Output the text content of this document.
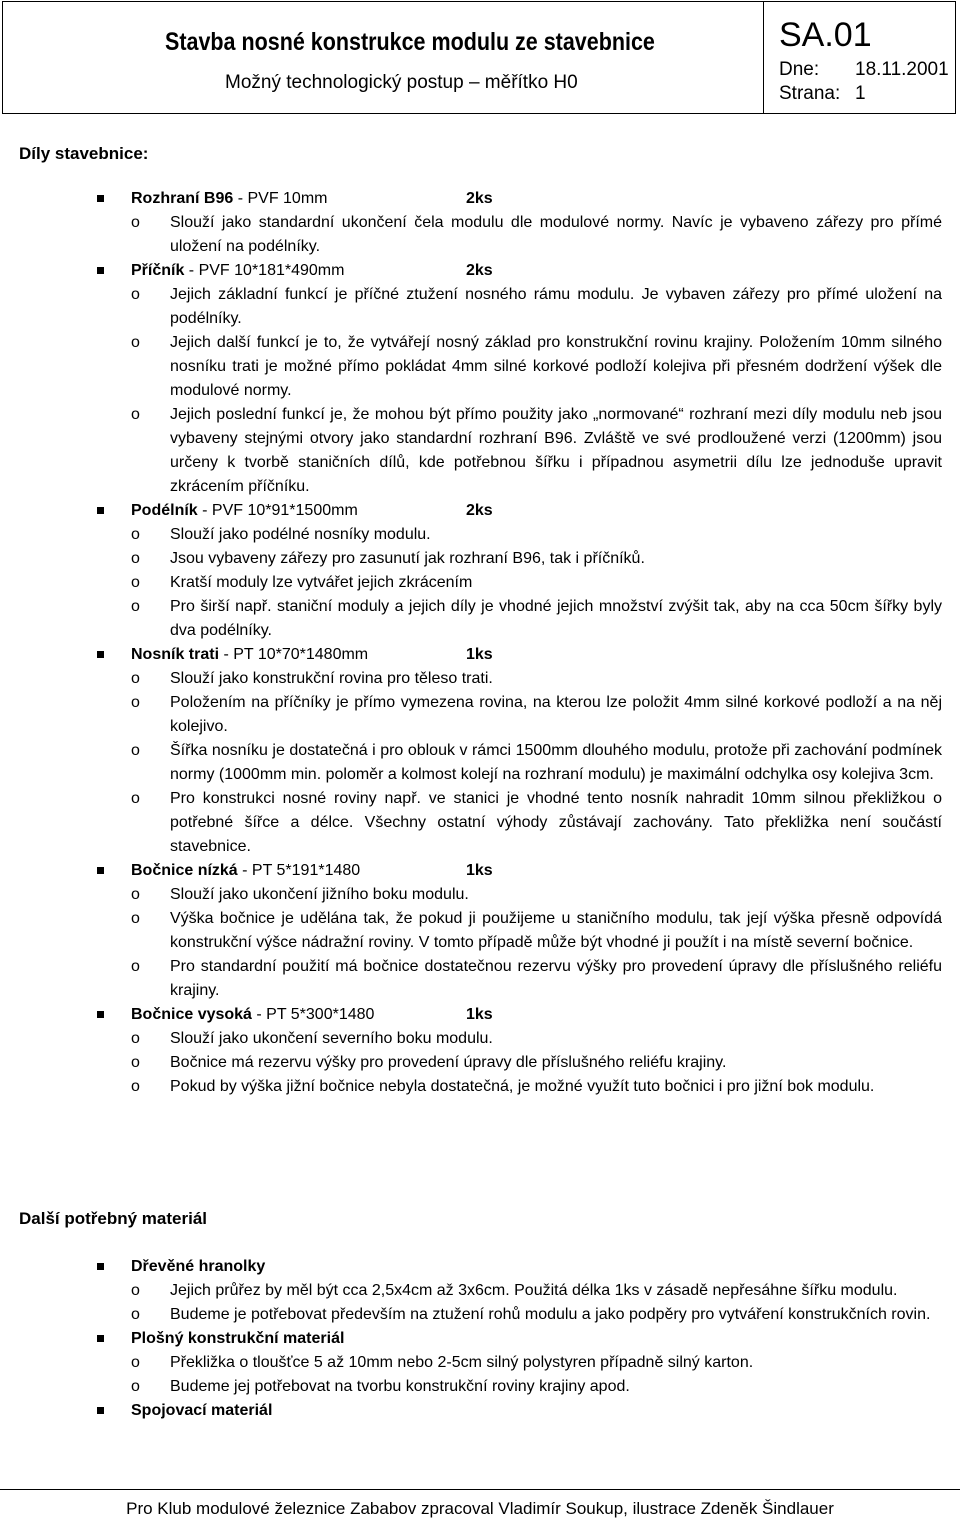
Stavba nosné konstrukce modulu ze stavebnice
Možný technologický postup – měřítko H0
SA.01
Dne: 18.11.2001
Strana: 1
Díly stavebnice:
Rozhraní B96 - PVF 10mm	2ks
o Slouží jako standardní ukončení čela modulu dle modulové normy. Navíc je vybaveno zářezy pro přímé uložení na podélníky.
Příčník - PVF 10*181*490mm	2ks
o Jejich základní funkcí je příčné ztužení nosného rámu modulu. Je vybaven zářezy pro přímé uložení na podélníky.
o Jejich další funkcí je to, že vytvářejí nosný základ pro konstrukční rovinu krajiny. Položením 10mm silného nosníku trati je možné přímo pokládat 4mm silné korkové podloží kolejiva při přesném dodržení výšek dle modulové normy.
o Jejich poslední funkcí je, že mohou být přímo použity jako „normované“ rozhraní mezi díly modulu neb jsou vybaveny stejnými otvory jako standardní rozhraní B96. Zvláště ve své prodloužené verzi (1200mm) jsou určeny k tvorbě staničních dílů, kde potřebnou šířku i případnou asymetrii dílu lze jednoduše upravit zkrácením příčníku.
Podélník - PVF 10*91*1500mm	2ks
o Slouží jako podélné nosníky modulu.
o Jsou vybaveny zářezy pro zasunutí jak rozhraní B96, tak i příčníků.
o Kratší moduly lze vytvářet jejich zkrácením
o Pro širší např. staniční moduly a jejich díly je vhodné jejich množství zvýšit tak, aby na cca 50cm šířky byly dva podélníky.
Nosník trati - PT 10*70*1480mm	1ks
o Slouží jako konstrukční rovina pro těleso trati.
o Položením na příčníky je přímo vymezena rovina, na kterou lze položit 4mm silné korkové podloží a na něj kolejivo.
o Šířka nosníku je dostatečná i pro oblouk v rámci 1500mm dlouhého modulu, protože při zachování podmínek normy (1000mm min. poloměr a kolmost kolejí na rozhraní modulu) je maximální odchylka osy kolejiva 3cm.
o Pro konstrukci nosné roviny např. ve stanici je vhodné tento nosník nahradit 10mm silnou překližkou o potřebné šířce a délce. Všechny ostatní výhody zůstávají zachovány. Tato překližka není součástí stavebnice.
Bočnice nízká - PT 5*191*1480	1ks
o Slouží jako ukončení jižního boku modulu.
o Výška bočnice je udělána tak, že pokud ji použijeme u staničního modulu, tak její výška přesně odpovídá konstrukční výšce nádražní roviny. V tomto případě může být vhodné ji použít i na místě severní bočnice.
o Pro standardní použití má bočnice dostatečnou rezervu výšky pro provedení úpravy dle příslušného reliéfu krajiny.
Bočnice vysoká - PT 5*300*1480	1ks
o Slouží jako ukončení severního boku modulu.
o Bočnice má rezervu výšky pro provedení úpravy dle příslušného reliéfu krajiny.
o Pokud by výška jižní bočnice nebyla dostatečná, je možné využít tuto bočnici i pro jižní bok modulu.
Další potřebný materiál
Dřevěné hranolky
o Jejich průřez by měl být cca 2,5x4cm až 3x6cm. Použitá délka 1ks v zásadě nepřesáhne šířku modulu.
o Budeme je potřebovat především na ztužení rohů modulu a jako podpěry pro vytváření konstrukčních rovin.
Plošný konstrukční materiál
o Překližka o tloušťce 5 až 10mm nebo 2-5cm silný polystyren případně silný karton.
o Budeme jej potřebovat na tvorbu konstrukční roviny krajiny apod.
Spojovací materiál
Pro Klub modulové železnice Zababov zpracoval Vladimír Soukup, ilustrace Zdeněk Šindlauer
